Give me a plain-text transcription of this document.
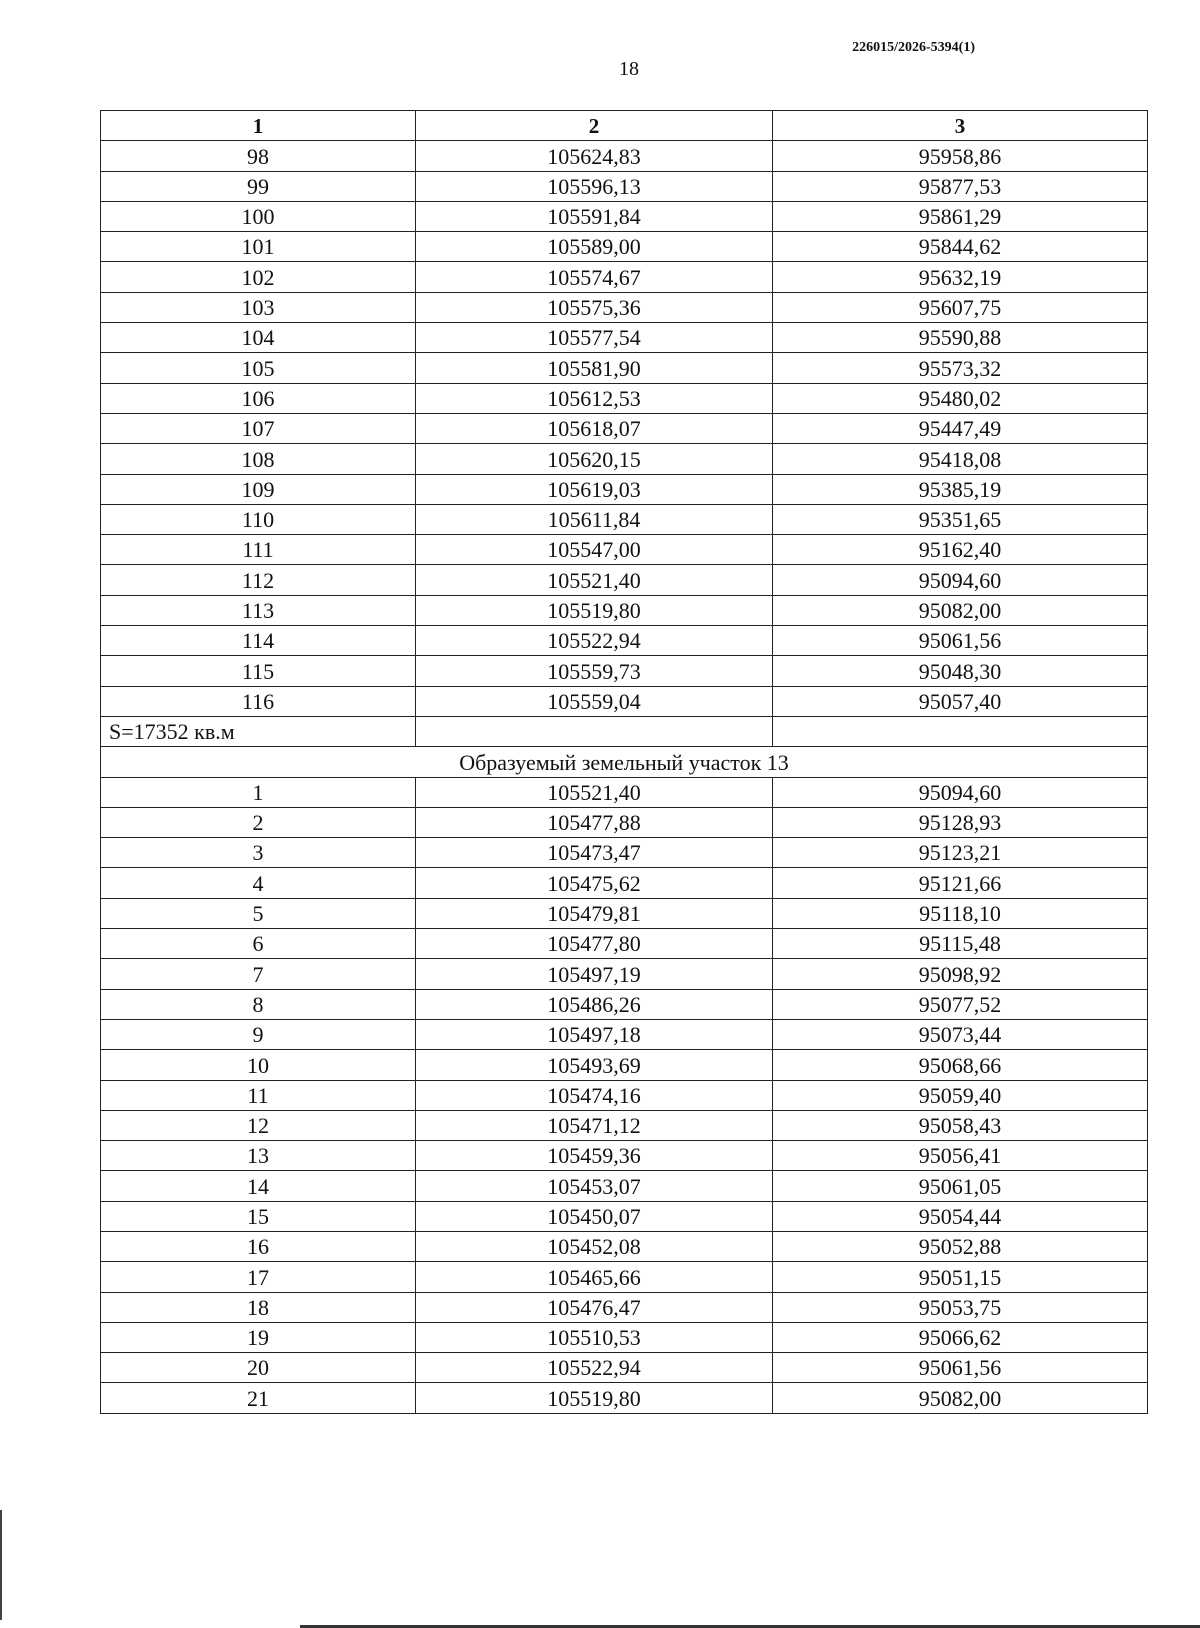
226015/2026-5394(1)
18
1	2	3
98	105624,83	95958,86
99	105596,13	95877,53
100	105591,84	95861,29
101	105589,00	95844,62
102	105574,67	95632,19
103	105575,36	95607,75
104	105577,54	95590,88
105	105581,90	95573,32
106	105612,53	95480,02
107	105618,07	95447,49
108	105620,15	95418,08
109	105619,03	95385,19
110	105611,84	95351,65
111	105547,00	95162,40
112	105521,40	95094,60
113	105519,80	95082,00
114	105522,94	95061,56
115	105559,73	95048,30
116	105559,04	95057,40
S=17352 кв.м		
Образуемый земельный участок 13		
1	105521,40	95094,60
2	105477,88	95128,93
3	105473,47	95123,21
4	105475,62	95121,66
5	105479,81	95118,10
6	105477,80	95115,48
7	105497,19	95098,92
8	105486,26	95077,52
9	105497,18	95073,44
10	105493,69	95068,66
11	105474,16	95059,40
12	105471,12	95058,43
13	105459,36	95056,41
14	105453,07	95061,05
15	105450,07	95054,44
16	105452,08	95052,88
17	105465,66	95051,15
18	105476,47	95053,75
19	105510,53	95066,62
20	105522,94	95061,56
21	105519,80	95082,00
